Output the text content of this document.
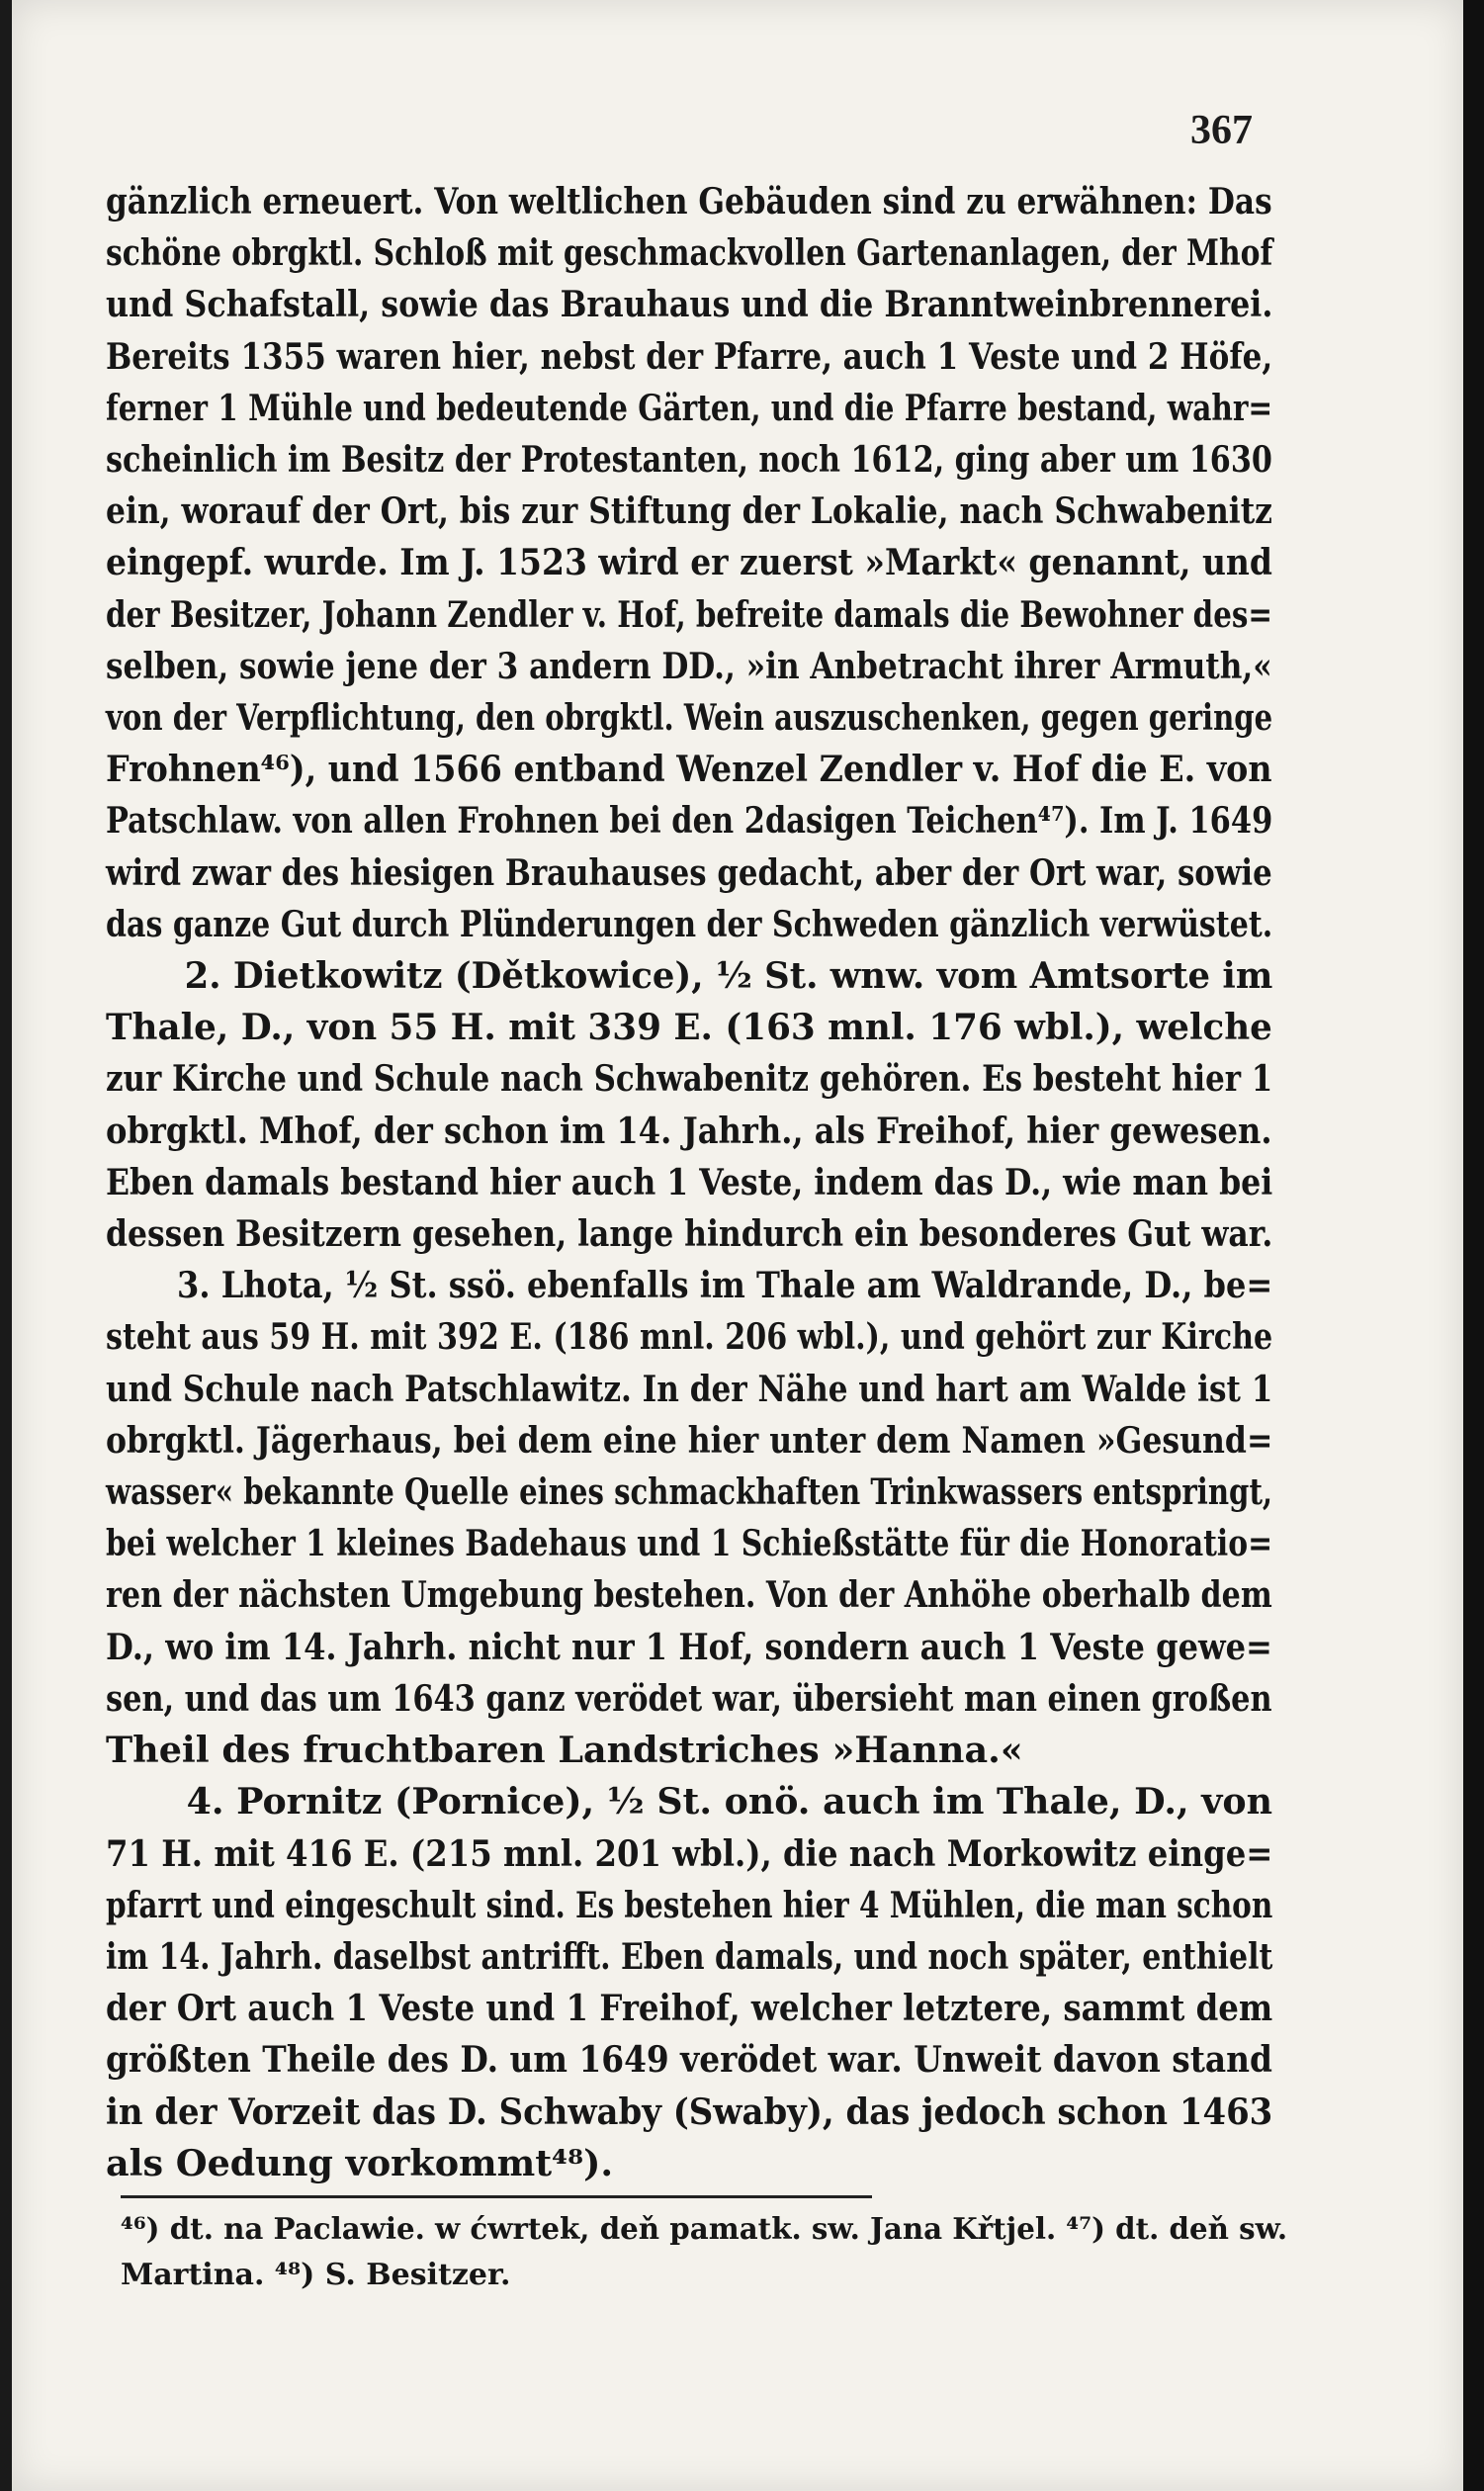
367
gänzlich erneuert. Von weltlichen Gebäuden sind zu erwähnen: Das
schöne obrgktl. Schloß mit geschmackvollen Gartenanlagen, der Mhof
und Schafstall, sowie das Brauhaus und die Branntweinbrennerei.
Bereits 1355 waren hier, nebst der Pfarre, auch 1 Veste und 2 Höfe,
ferner 1 Mühle und bedeutende Gärten, und die Pfarre bestand, wahr=
scheinlich im Besitz der Protestanten, noch 1612, ging aber um 1630
ein, worauf der Ort, bis zur Stiftung der Lokalie, nach Schwabenitz
eingepf. wurde. Im J. 1523 wird er zuerst »Markt« genannt, und
der Besitzer, Johann Zendler v. Hof, befreite damals die Bewohner des=
selben, sowie jene der 3 andern DD., »in Anbetracht ihrer Armuth,«
von der Verpflichtung, den obrgktl. Wein auszuschenken, gegen geringe
Frohnen⁴⁶), und 1566 entband Wenzel Zendler v. Hof die E. von
Patschlaw. von allen Frohnen bei den 2dasigen Teichen⁴⁷). Im J. 1649
wird zwar des hiesigen Brauhauses gedacht, aber der Ort war, sowie
das ganze Gut durch Plünderungen der Schweden gänzlich verwüstet.
2. Dietkowitz (Dětkowice), ½ St. wnw. vom Amtsorte im
Thale, D., von 55 H. mit 339 E. (163 mnl. 176 wbl.), welche
zur Kirche und Schule nach Schwabenitz gehören. Es besteht hier 1
obrgktl. Mhof, der schon im 14. Jahrh., als Freihof, hier gewesen.
Eben damals bestand hier auch 1 Veste, indem das D., wie man bei
dessen Besitzern gesehen, lange hindurch ein besonderes Gut war.
3. Lhota, ½ St. ssö. ebenfalls im Thale am Waldrande, D., be=
steht aus 59 H. mit 392 E. (186 mnl. 206 wbl.), und gehört zur Kirche
und Schule nach Patschlawitz. In der Nähe und hart am Walde ist 1
obrgktl. Jägerhaus, bei dem eine hier unter dem Namen »Gesund=
wasser« bekannte Quelle eines schmackhaften Trinkwassers entspringt,
bei welcher 1 kleines Badehaus und 1 Schießstätte für die Honoratio=
ren der nächsten Umgebung bestehen. Von der Anhöhe oberhalb dem
D., wo im 14. Jahrh. nicht nur 1 Hof, sondern auch 1 Veste gewe=
sen, und das um 1643 ganz verödet war, übersieht man einen großen
Theil des fruchtbaren Landstriches »Hanna.«
4. Pornitz (Pornice), ½ St. onö. auch im Thale, D., von
71 H. mit 416 E. (215 mnl. 201 wbl.), die nach Morkowitz einge=
pfarrt und eingeschult sind. Es bestehen hier 4 Mühlen, die man schon
im 14. Jahrh. daselbst antrifft. Eben damals, und noch später, enthielt
der Ort auch 1 Veste und 1 Freihof, welcher letztere, sammt dem
größten Theile des D. um 1649 verödet war. Unweit davon stand
in der Vorzeit das D. Schwaby (Swaby), das jedoch schon 1463
als Oedung vorkommt⁴⁸).
⁴⁶) dt. na Paclawie. w ćwrtek, deň pamatk. sw. Jana Křtjel. ⁴⁷) dt. deň sw.
Martina. ⁴⁸) S. Besitzer.
